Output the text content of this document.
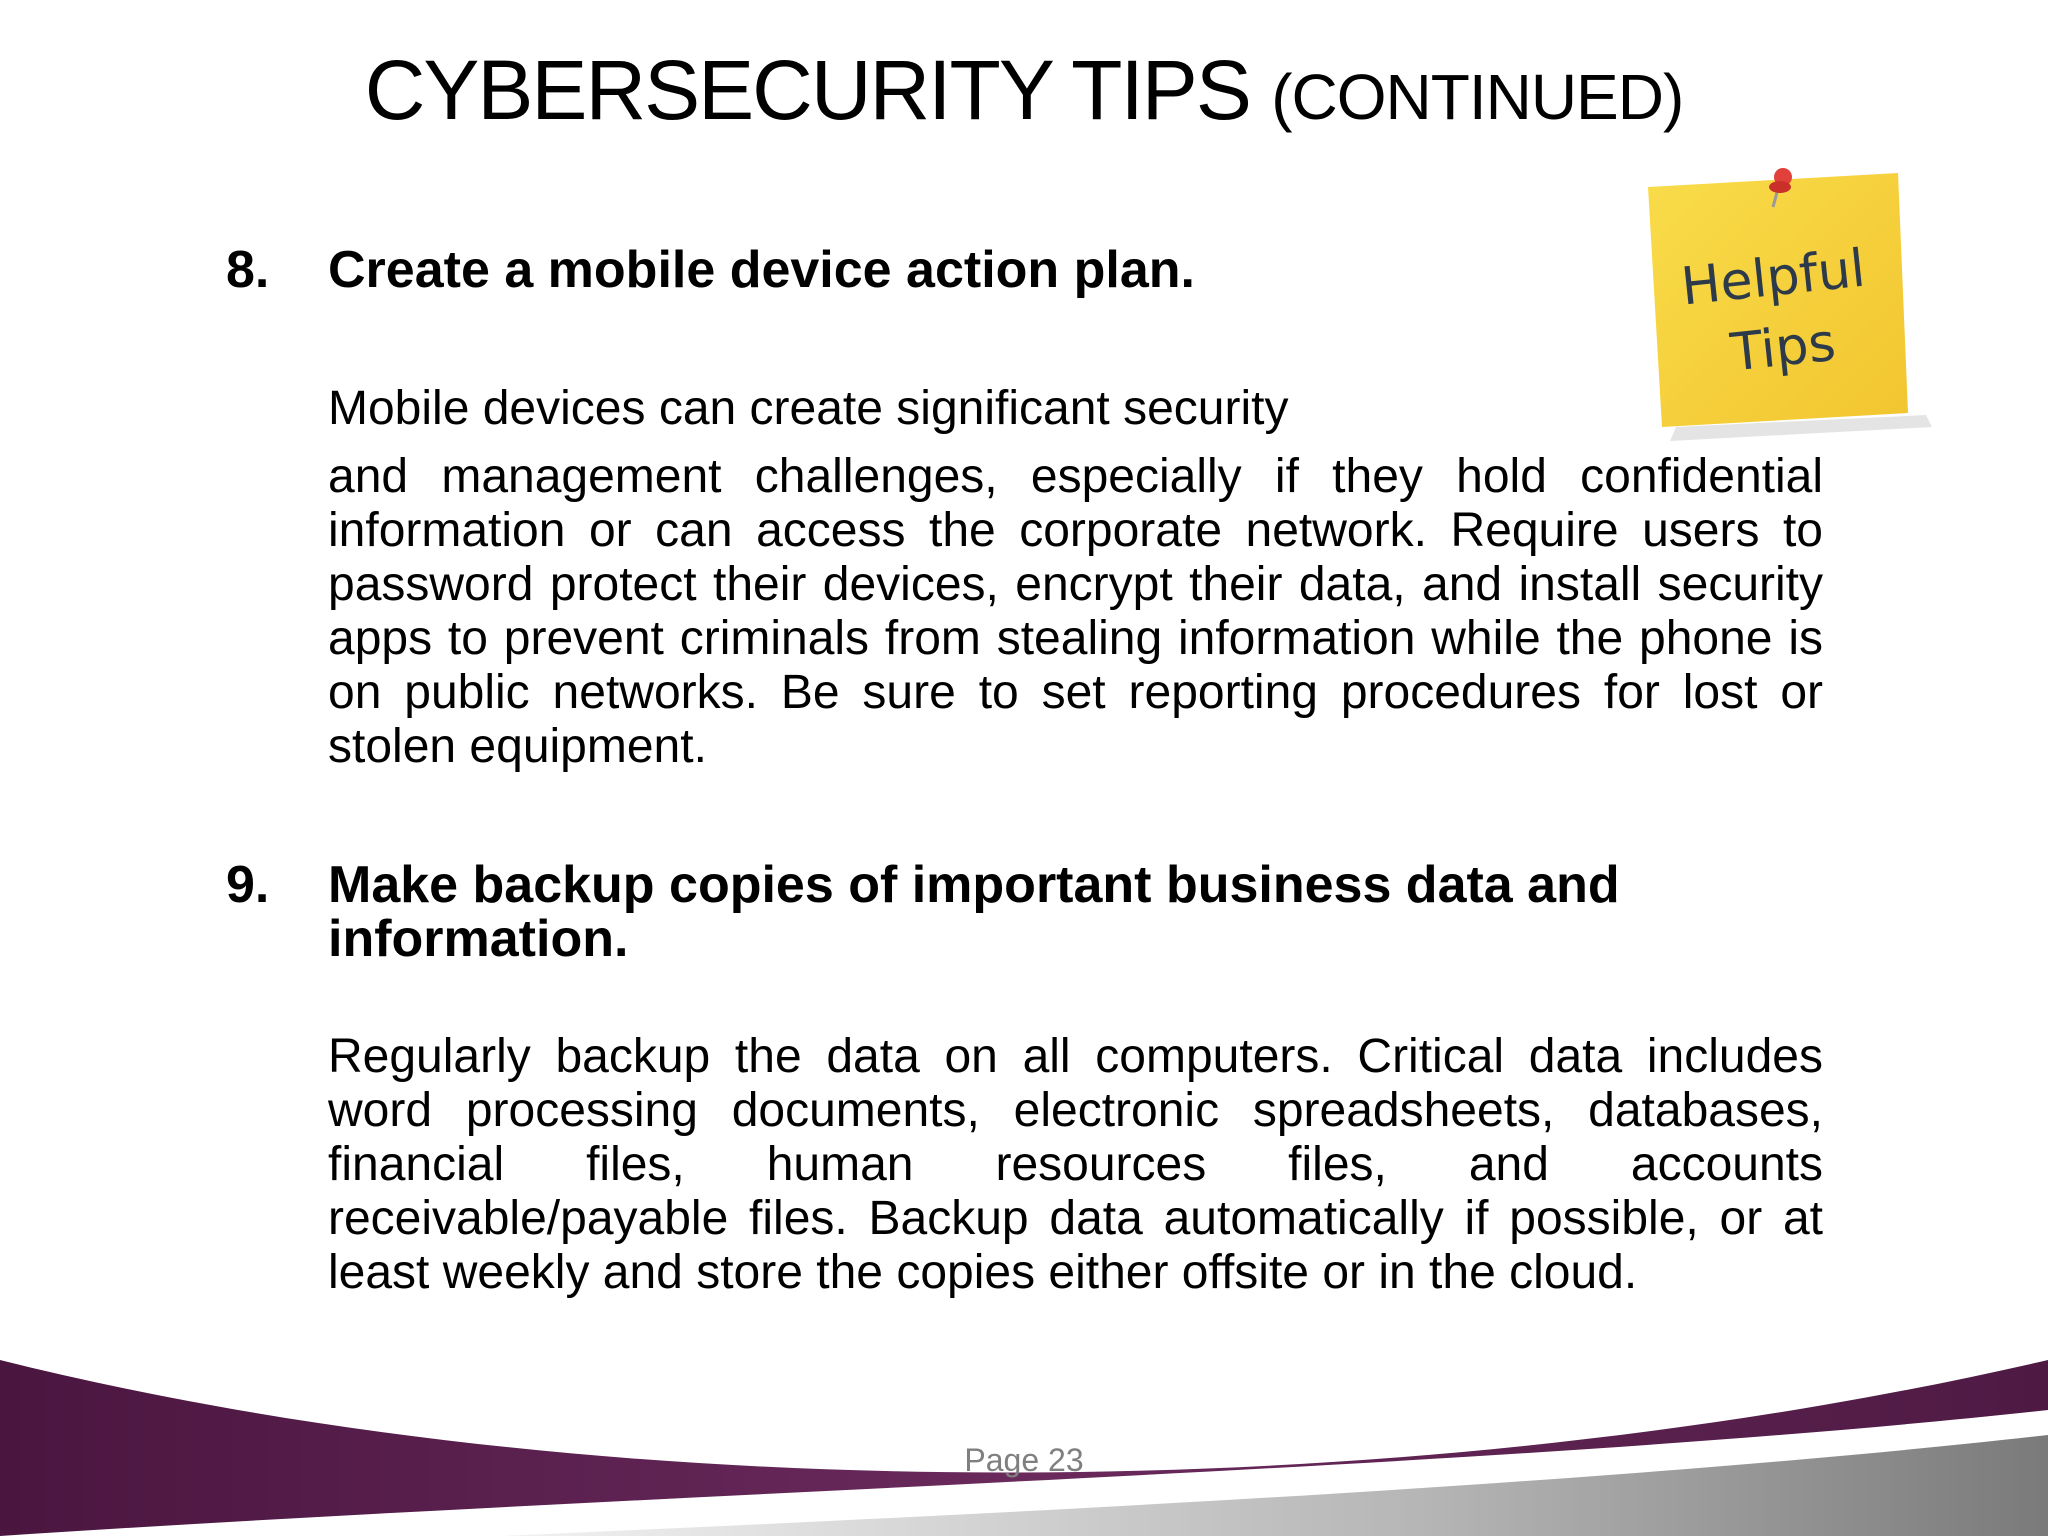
CYBERSECURITY TIPS (CONTINUED)
Helpful
Tips
8. Create a mobile device action plan.
Mobile devices can create significant security
and management challenges, especially if they hold confidential information or can access the corporate network. Require users to password protect their devices, encrypt their data, and install security apps to prevent criminals from stealing information while the phone is on public networks. Be sure to set reporting procedures for lost or stolen equipment.
9. Make backup copies of important business data and information.
Regularly backup the data on all computers. Critical data includes word processing documents, electronic spreadsheets, databases, financial files, human resources files, and accounts receivable/payable files. Backup data automatically if possible, or at least weekly and store the copies either offsite or in the cloud.
Page 23
